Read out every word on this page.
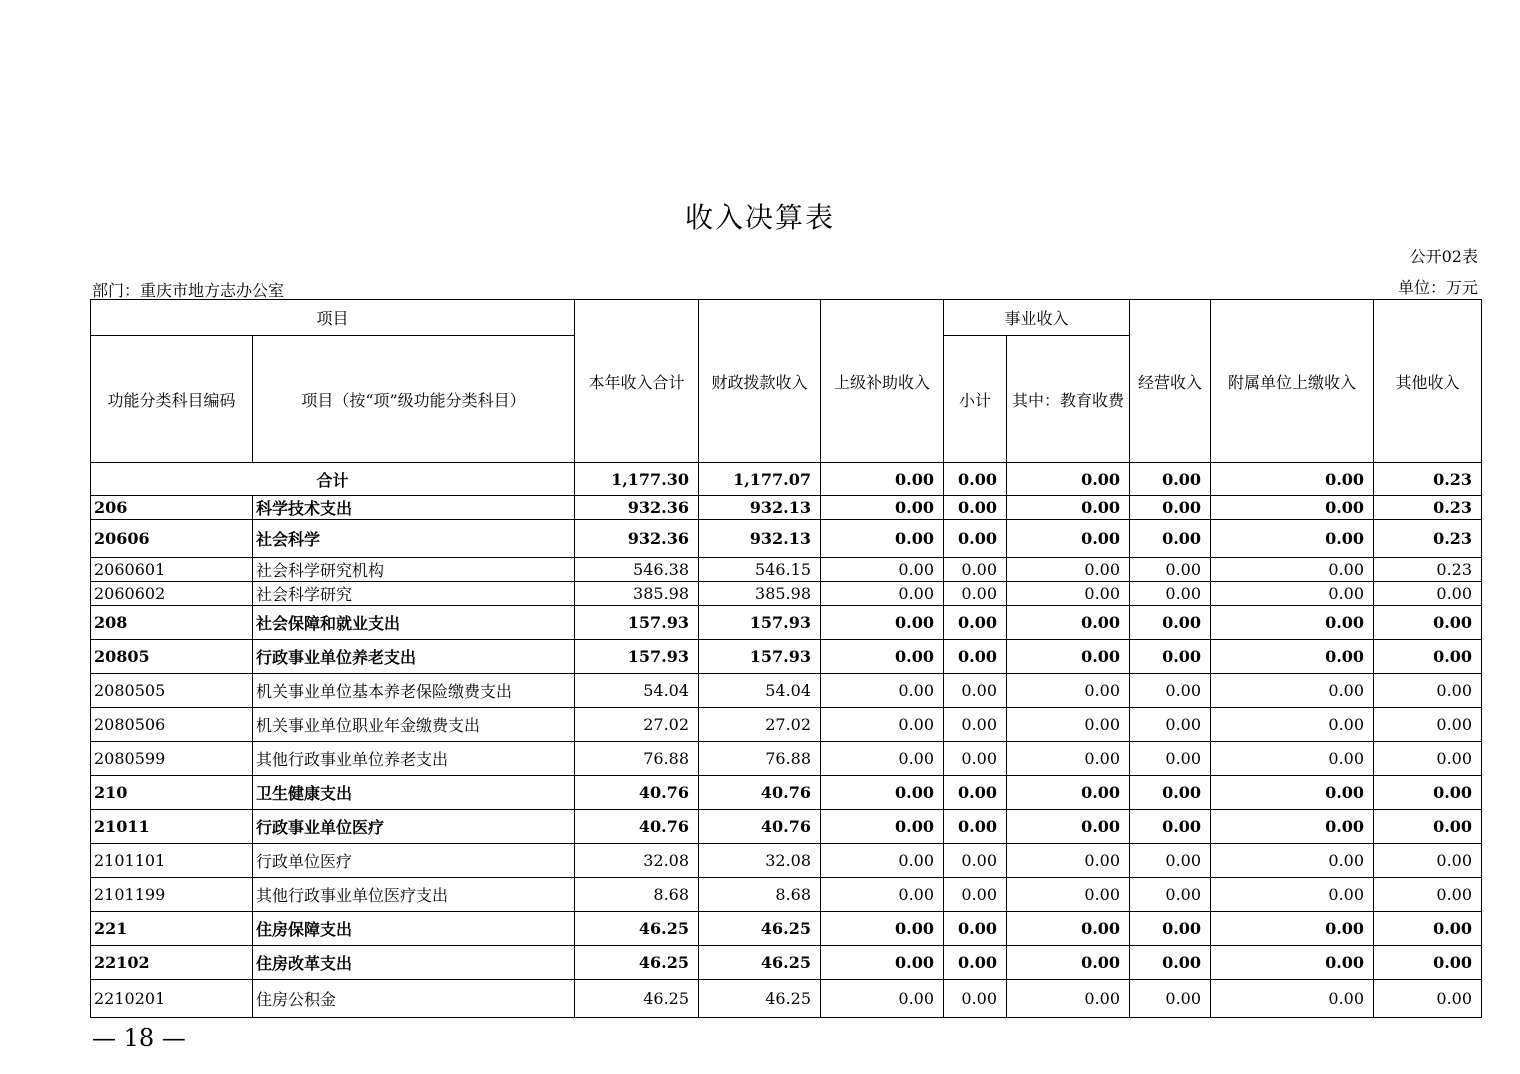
收入决算表
公开02表
部门：重庆市地方志办公室	单位：万元
项目		本年收入合计	财政拨款收入	上级补助收入	事业收入		经营收入	附属单位上缴收入	其他收入
功能分类科目编码	项目（按“项”级功能分类科目）				小计	其中：教育收费			
合计		1,177.30	1,177.07	0.00	0.00	0.00	0.00	0.00	0.23
206	科学技术支出	932.36	932.13	0.00	0.00	0.00	0.00	0.00	0.23
20606	社会科学	932.36	932.13	0.00	0.00	0.00	0.00	0.00	0.23
2060601	社会科学研究机构	546.38	546.15	0.00	0.00	0.00	0.00	0.00	0.23
2060602	社会科学研究	385.98	385.98	0.00	0.00	0.00	0.00	0.00	0.00
208	社会保障和就业支出	157.93	157.93	0.00	0.00	0.00	0.00	0.00	0.00
20805	行政事业单位养老支出	157.93	157.93	0.00	0.00	0.00	0.00	0.00	0.00
2080505	机关事业单位基本养老保险缴费支出	54.04	54.04	0.00	0.00	0.00	0.00	0.00	0.00
2080506	机关事业单位职业年金缴费支出	27.02	27.02	0.00	0.00	0.00	0.00	0.00	0.00
2080599	其他行政事业单位养老支出	76.88	76.88	0.00	0.00	0.00	0.00	0.00	0.00
210	卫生健康支出	40.76	40.76	0.00	0.00	0.00	0.00	0.00	0.00
21011	行政事业单位医疗	40.76	40.76	0.00	0.00	0.00	0.00	0.00	0.00
2101101	行政单位医疗	32.08	32.08	0.00	0.00	0.00	0.00	0.00	0.00
2101199	其他行政事业单位医疗支出	8.68	8.68	0.00	0.00	0.00	0.00	0.00	0.00
221	住房保障支出	46.25	46.25	0.00	0.00	0.00	0.00	0.00	0.00
22102	住房改革支出	46.25	46.25	0.00	0.00	0.00	0.00	0.00	0.00
2210201	住房公积金	46.25	46.25	0.00	0.00	0.00	0.00	0.00	0.00
— 18 —
